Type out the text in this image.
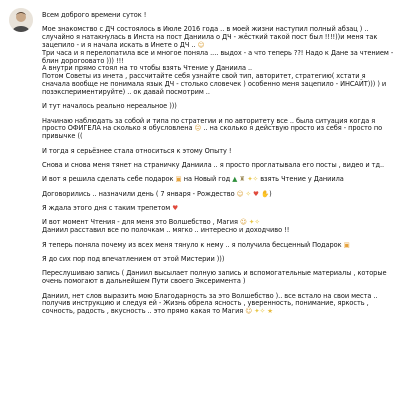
Всем доброго времени суток !

Мое знакомство с ДЧ состоялось в Июле 2016 года .. в моей жизни наступил полный абзац ) .. случайно я натакнулась в Инста на пост Даниила о ДЧ - жёсткий такой пост был !!!!))и меня так зацепило - и я начала искать в Инете о ДЧ .. ☺
Три часа и я перелопатила все и многое поняла .... выдох - а что теперь ??! Надо к Дане за чтением - блин дорогоовато ))) !!!
А внутри прямо стоял на то чтобы взять Чтение у Даниила ..
Потом Советы из инета , рассчитайте себя узнайте свой тип, авторитет, стратегию( хстати я сначала вообще не понимала язык ДЧ - столько словечек ) особенно меня зацепило - ИНСАЙТ))) ) и позэкспериментируйте) .. ок давай посмотрим ..

И тут началось реально нереальное )))

Начинаю наблюдать за собой и типа по стратегии и по авторитету все .. была ситуация когда я просто ОФИГЕЛА на сколько я обусловлена ☹ .. на сколько я действую просто из себя - просто по привычке ((

И тогда я серьёзнее стала относиться к этому Опыту !

Снова и снова меня тянет на страничку Даниила .. я просто проглатывала его посты , видео и тд..

И вот я решила сделать себе подарок ▣ на Новый год ▲ ♜ ✦✧ взять Чтение у Даниила

Договорились .. назначили день ( 7 января - Рождество ☺ ✧ ♥ ✋)

Я ждала этого дня с таким трепетом ♥

И вот момент Чтения - для меня это Волшебство , Магия ☺ ✦✧
Даниил расставил все по полочкам .. мягко .. интересно и доходчиво !!

Я теперь поняла почему из всех меня тянуло к нему .. я получила бесценный Подарок ▣

Я до сих пор под впечатлением от этой Мистерии )))

Переслушиваю запись ( Даниил высылает полную запись и вспомогательные материалы , которые очень помогают в дальнейшем Пути своего Эксеримента )

Даниил, нет слов выразить мою Благодарность за это Волшебство ).. все встало на свои места .. получив инструкцию и следуя ей - Жизнь обрела ясность , уверенность, понимание, яркость , сочность, радость , вкусность .. это прямо какая то Магия ☺ ✦✧ ★
